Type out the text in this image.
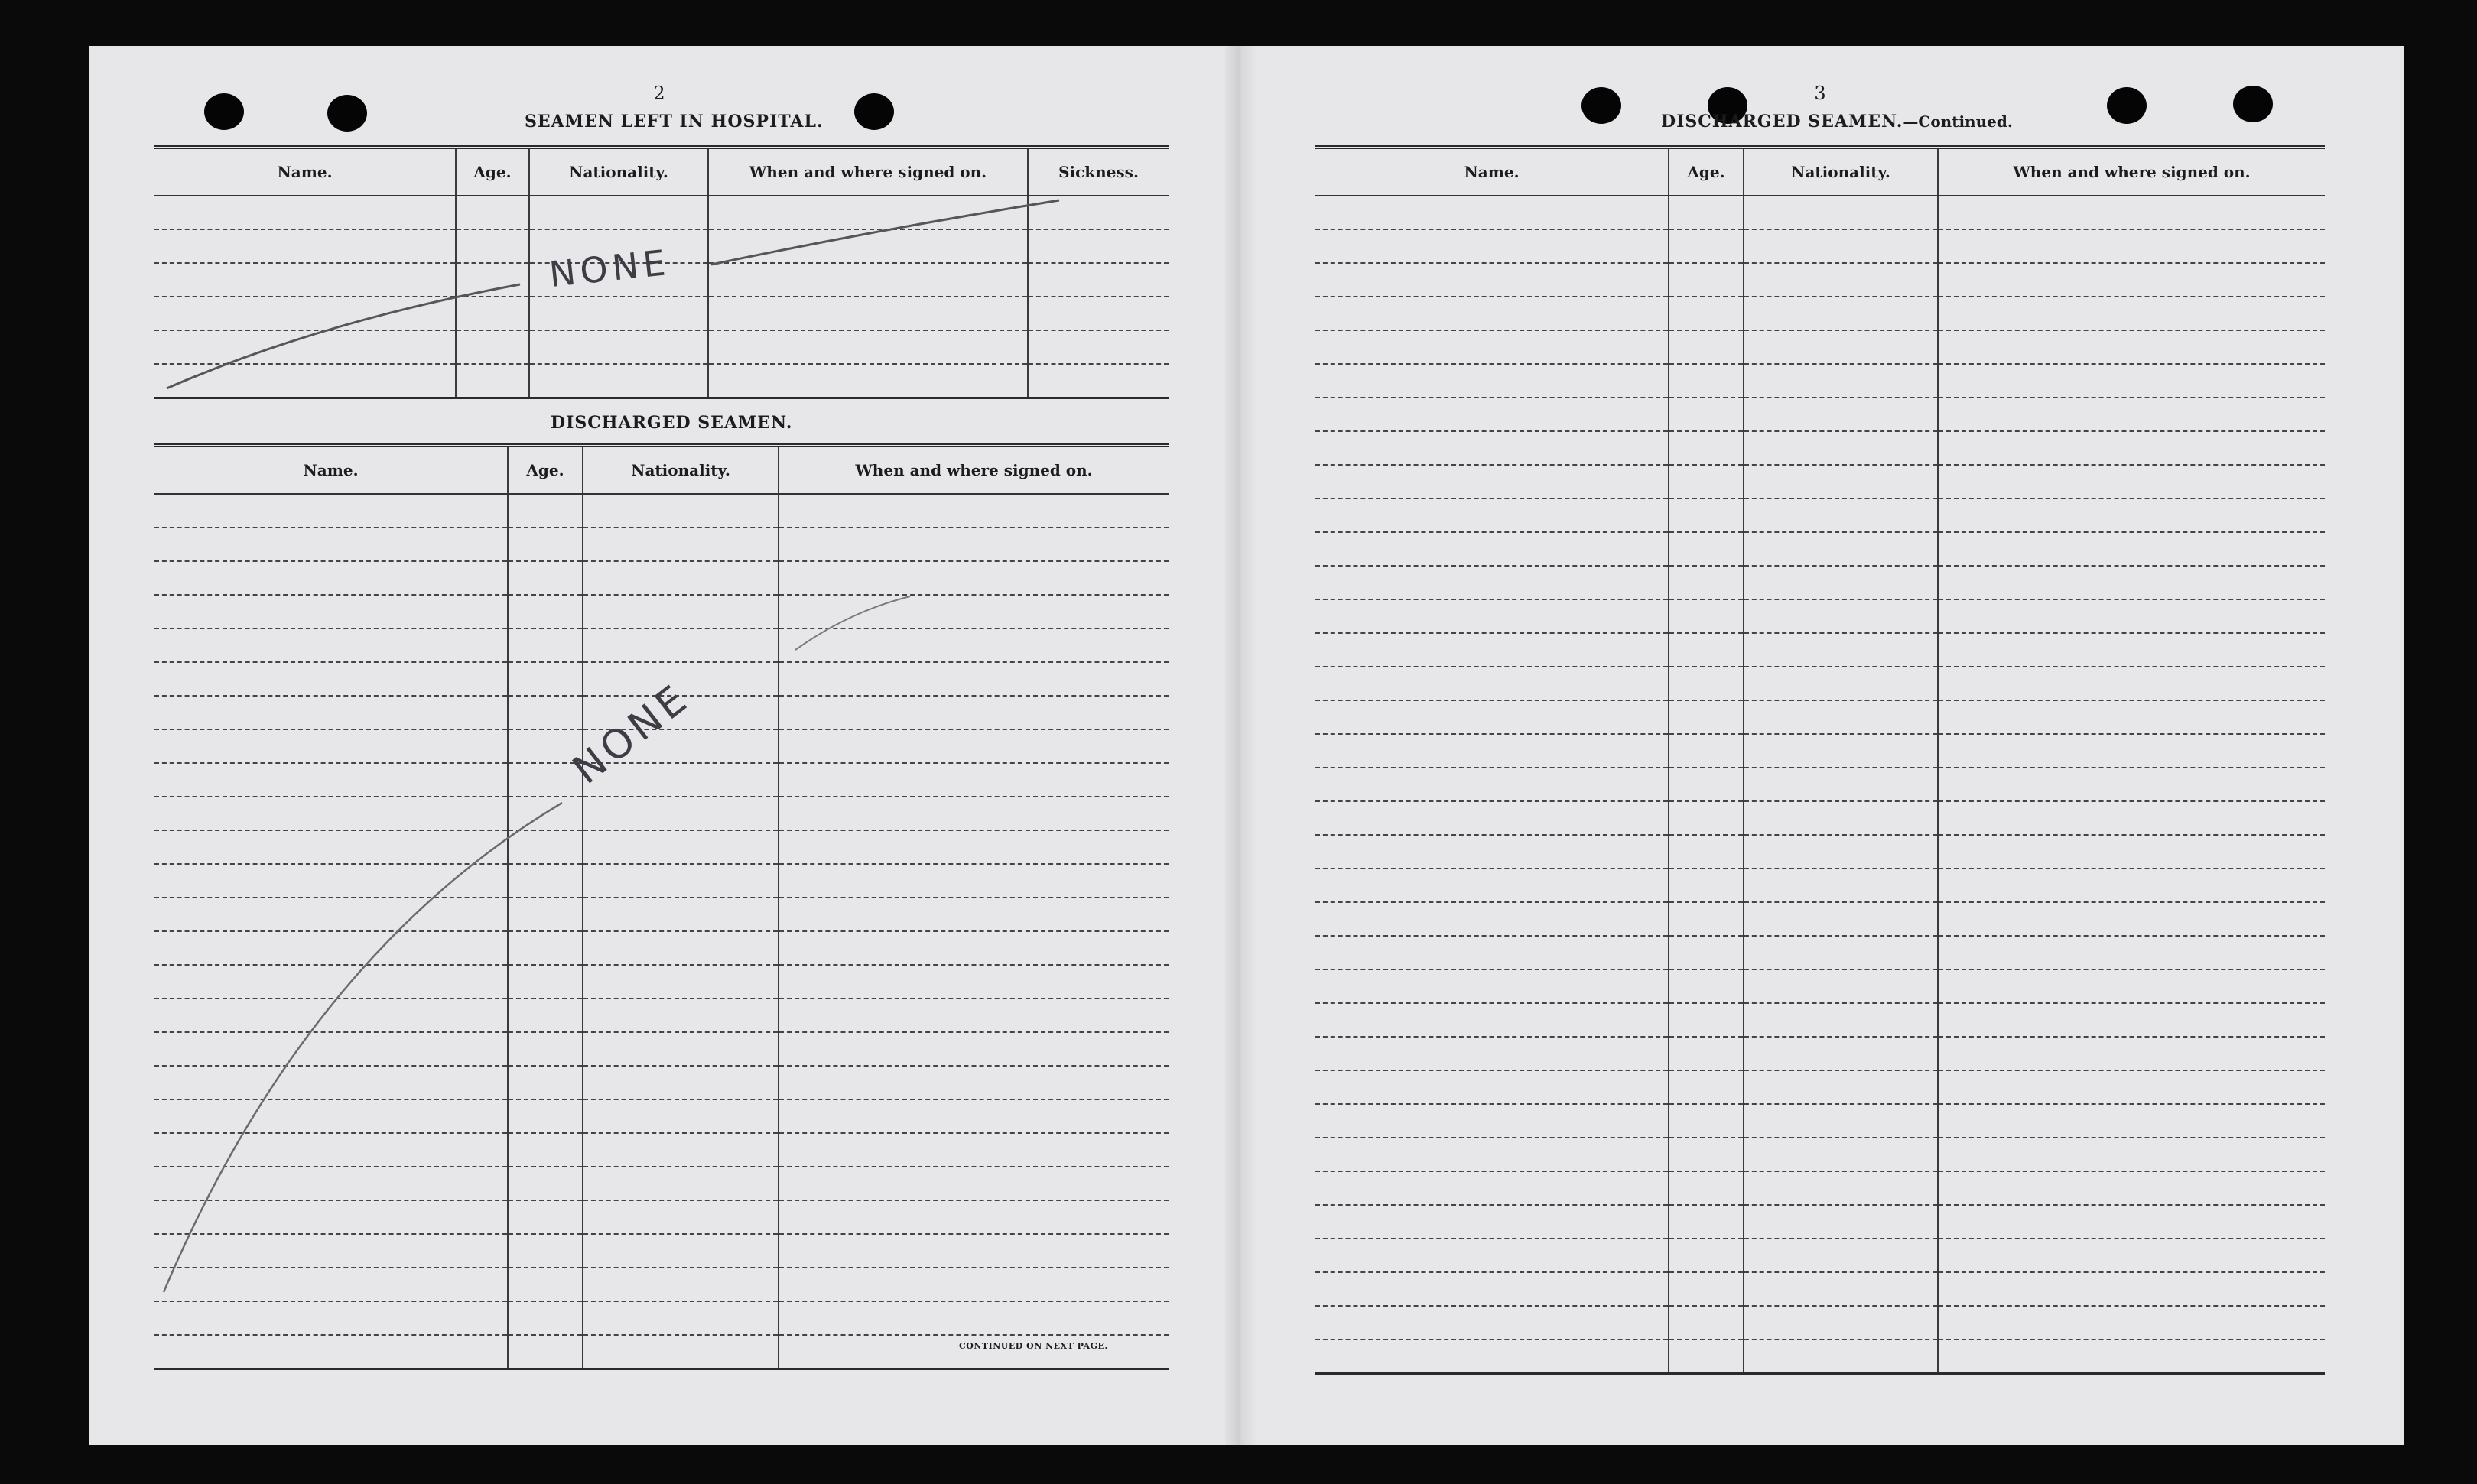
2
SEAMEN LEFT IN HOSPITAL.
Name.	Age.	Nationality.	When and where signed on.	Sickness.

DISCHARGED SEAMEN.
Name.	Age.	Nationality.	When and where signed on.

CONTINUED ON NEXT PAGE.
NONE
NONE
3
DISCHARGED SEAMEN.—Continued.
Name.	Age.	Nationality.	When and where signed on.
